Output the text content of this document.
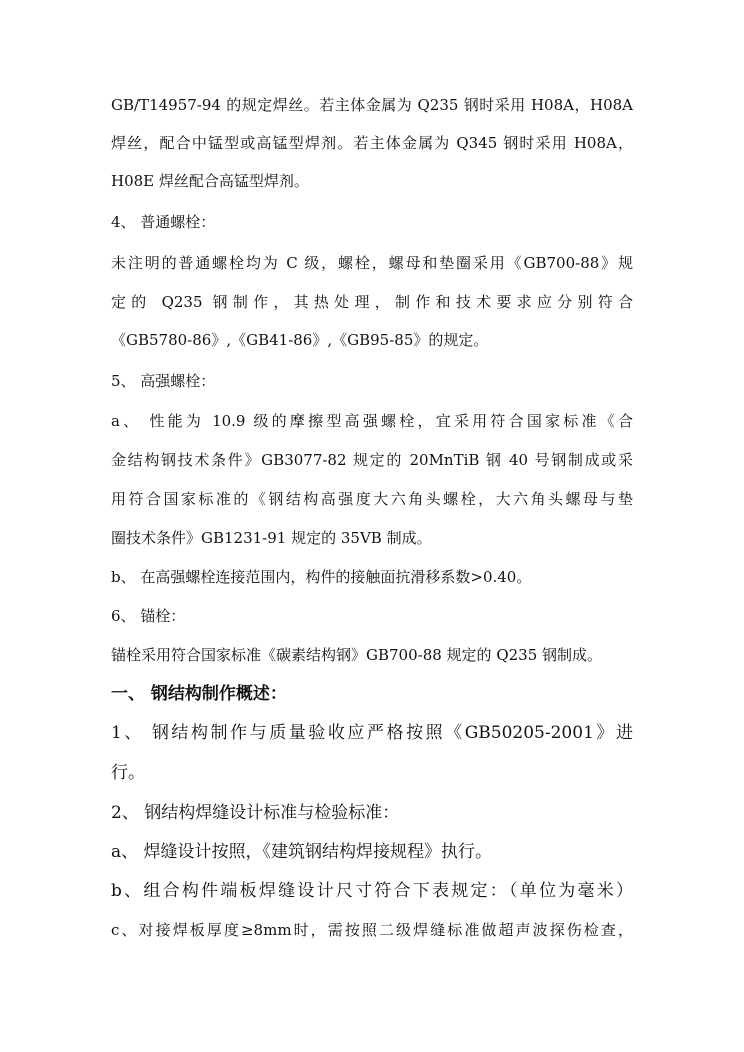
GB/T14957-94 的规定焊丝。若主体金属为 Q235 钢时采用 H08A，H08A
焊丝，配合中锰型或高锰型焊剂。若主体金属为 Q345 钢时采用 H08A，
H08E 焊丝配合高锰型焊剂。
4、 普通螺栓：
未注明的普通螺栓均为 C 级，螺栓，螺母和垫圈采用《GB700-88》规
定的 Q235 钢制作，其热处理，制作和技术要求应分别符合
《GB5780-86》,《GB41-86》,《GB95-85》的规定。
5、 高强螺栓：
a、 性能为 10.9 级的摩擦型高强螺栓，宜采用符合国家标准《合
金结构钢技术条件》GB3077-82 规定的 20MnTiB 钢 40 号钢制成或采
用符合国家标准的《钢结构高强度大六角头螺栓，大六角头螺母与垫
圈技术条件》GB1231-91 规定的 35VB 制成。
b、 在高强螺栓连接范围内，构件的接触面抗滑移系数>0.40。
6、 锚栓：
锚栓采用符合国家标准《碳素结构钢》GB700-88 规定的 Q235 钢制成。
一、 钢结构制作概述：
1、 钢结构制作与质量验收应严格按照《GB50205-2001》进
行。
2、 钢结构焊缝设计标准与检验标准：
a、 焊缝设计按照，《建筑钢结构焊接规程》执行。
b、组合构件端板焊缝设计尺寸符合下表规定：（单位为毫米）
c、对接焊板厚度≥8mm时，需按照二级焊缝标准做超声波探伤检查，
